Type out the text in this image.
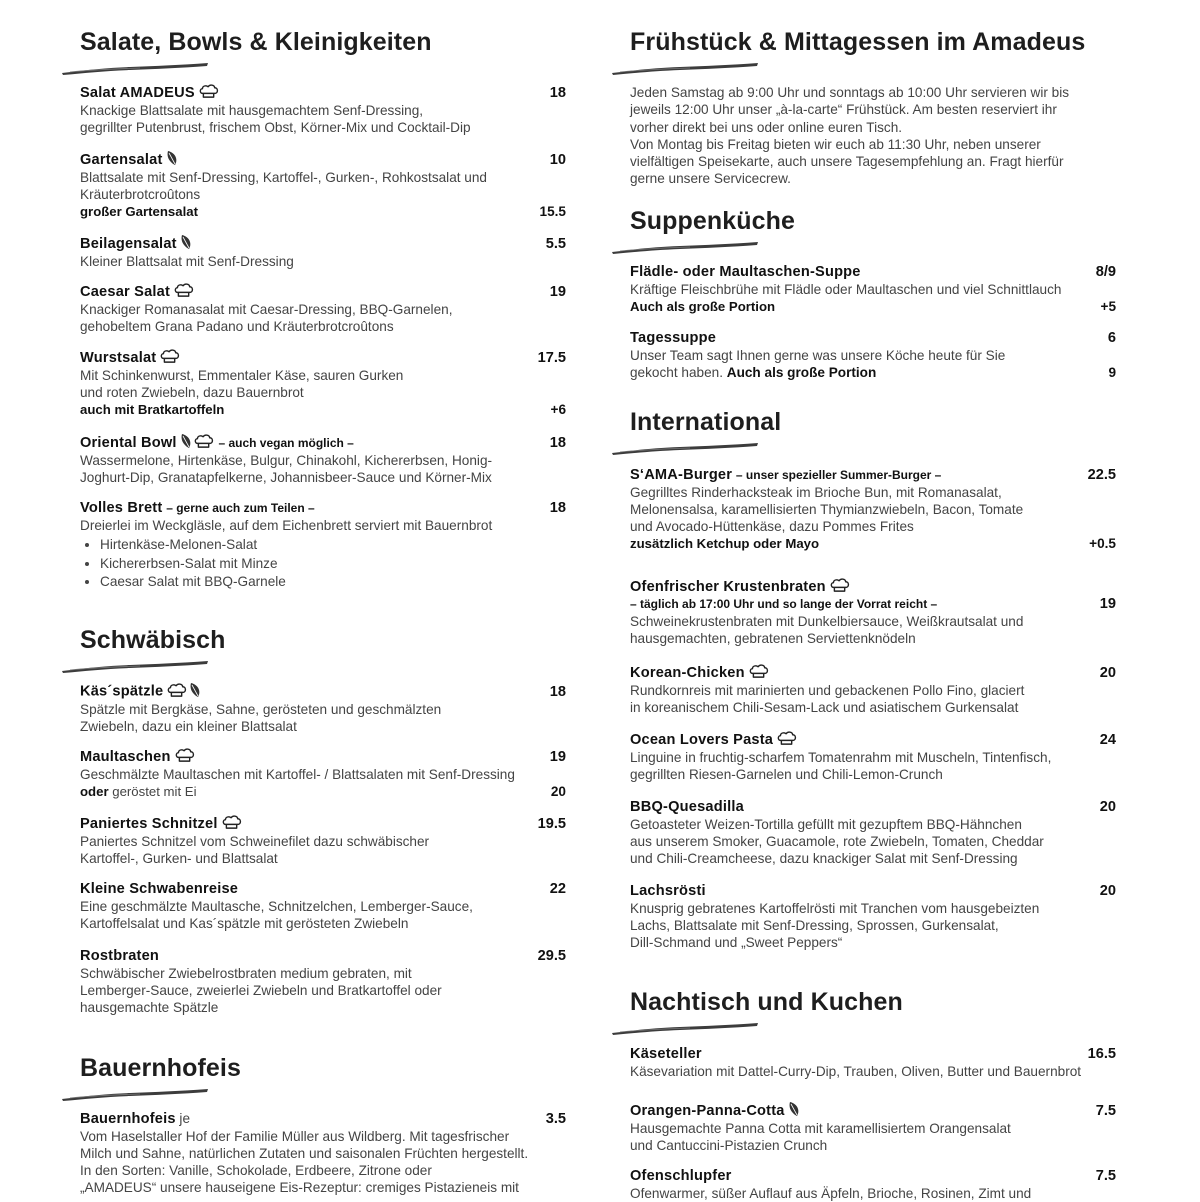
Salate, Bowls & Kleinigkeiten
Salat AMADEUS	18

Knackige Blattsalate mit hausgemachtem Senf-Dressing,

gegrillter Putenbrust, frischem Obst, Körner-Mix und Cocktail-Dip

Gartensalat	10

Blattsalate mit Senf-Dressing, Kartoffel-, Gurken-, Rohkostsalat und

Kräuterbrotcroûtons

großer Gartensalat	15.5
Beilagensalat	5.5

Kleiner Blattsalat mit Senf-Dressing

Caesar Salat	19

Knackiger Romanasalat mit Caesar-Dressing, BBQ-Garnelen,

gehobeltem Grana Padano und Kräuterbrotcroûtons

Wurstsalat	17.5

Mit Schinkenwurst, Emmentaler Käse, sauren Gurken

und roten Zwiebeln, dazu Bauernbrot

auch mit Bratkartoffeln	+6
Oriental Bowl	– auch vegan möglich –	18

Wassermelone, Hirtenkäse, Bulgur, Chinakohl, Kichererbsen, Honig-

Joghurt-Dip, Granatapfelkerne, Johannisbeer-Sauce und Körner-Mix

Volles Brett – gerne auch zum Teilen –	18

Dreierlei im Weckgläsle, auf dem Eichenbrett serviert mit Bauernbrot

• Hirtenkäse-Melonen-Salat
• Kichererbsen-Salat mit Minze
• Caesar Salat mit BBQ-Garnele
Schwäbisch
Käs´spätzle	18

Spätzle mit Bergkäse, Sahne, gerösteten und geschmälzten

Zwiebeln, dazu ein kleiner Blattsalat

Maultaschen	19

Geschmälzte Maultaschen mit Kartoffel- / Blattsalaten mit Senf-Dressing

oder geröstet mit Ei	20
Paniertes Schnitzel	19.5

Paniertes Schnitzel vom Schweinefilet dazu schwäbischer

Kartoffel-, Gurken- und Blattsalat

Kleine Schwabenreise	22

Eine geschmälzte Maultasche, Schnitzelchen, Lemberger-Sauce,

Kartoffelsalat und Kas´spätzle mit gerösteten Zwiebeln

Rostbraten	29.5

Schwäbischer Zwiebelrostbraten medium gebraten, mit

Lemberger-Sauce, zweierlei Zwiebeln und Bratkartoffel oder

hausgemachte Spätzle

Bauernhofeis
Bauernhofeis je	3.5

Vom Haselstaller Hof der Familie Müller aus Wildberg. Mit tagesfrischer

Milch und Sahne, natürlichen Zutaten und saisonalen Früchten hergestellt.

In den Sorten: Vanille, Schokolade, Erdbeere, Zitrone oder

„AMADEUS“ unsere hauseigene Eis-Rezeptur: cremiges Pistazieneis mit

Frühstück & Mittagessen im Amadeus

Jeden Samstag ab 9:00 Uhr und sonntags ab 10:00 Uhr servieren wir bis

jeweils 12:00 Uhr unser „à-la-carte“ Frühstück. Am besten reserviert ihr

vorher direkt bei uns oder online euren Tisch.

Von Montag bis Freitag bieten wir euch ab 11:30 Uhr, neben unserer

vielfältigen Speisekarte, auch unsere Tagesempfehlung an. Fragt hierfür

gerne unsere Servicecrew.

Suppenküche
Flädle- oder Maultaschen-Suppe	8/9

Kräftige Fleischbrühe mit Flädle oder Maultaschen und viel Schnittlauch

Auch als große Portion	+5
Tagessuppe	6

Unser Team sagt Ihnen gerne was unsere Köche heute für Sie

gekocht haben. Auch als große Portion	9
International
S‘AMA-Burger – unser spezieller Summer-Burger –	22.5

Gegrilltes Rinderhacksteak im Brioche Bun, mit Romanasalat,

Melonensalsa, karamellisierten Thymianzwiebeln, Bacon, Tomate

und Avocado-Hüttenkäse, dazu Pommes Frites

zusätzlich Ketchup oder Mayo	+0.5
Ofenfrischer Krustenbraten
– täglich ab 17:00 Uhr und so lange der Vorrat reicht –	19

Schweinekrustenbraten mit Dunkelbiersauce, Weißkrautsalat und

hausgemachten, gebratenen Serviettenknödeln

Korean-Chicken	20

Rundkornreis mit marinierten und gebackenen Pollo Fino, glaciert

in koreanischem Chili-Sesam-Lack und asiatischem Gurkensalat

Ocean Lovers Pasta	24

Linguine in fruchtig-scharfem Tomatenrahm mit Muscheln, Tintenfisch,

gegrillten Riesen-Garnelen und Chili-Lemon-Crunch

BBQ-Quesadilla	20

Getoasteter Weizen-Tortilla gefüllt mit gezupftem BBQ-Hähnchen

aus unserem Smoker, Guacamole, rote Zwiebeln, Tomaten, Cheddar

und Chili-Creamcheese, dazu knackiger Salat mit Senf-Dressing

Lachsrösti	20

Knusprig gebratenes Kartoffelrösti mit Tranchen vom hausgebeizten

Lachs, Blattsalate mit Senf-Dressing, Sprossen, Gurkensalat,

Dill-Schmand und „Sweet Peppers“

Nachtisch und Kuchen
Käseteller	16.5

Käsevariation mit Dattel-Curry-Dip, Trauben, Oliven, Butter und Bauernbrot

Orangen-Panna-Cotta	7.5

Hausgemachte Panna Cotta mit karamellisiertem Orangensalat

und Cantuccini-Pistazien Crunch

Ofenschlupfer	7.5

Ofenwarmer, süßer Auflauf aus Äpfeln, Brioche, Rosinen, Zimt und
